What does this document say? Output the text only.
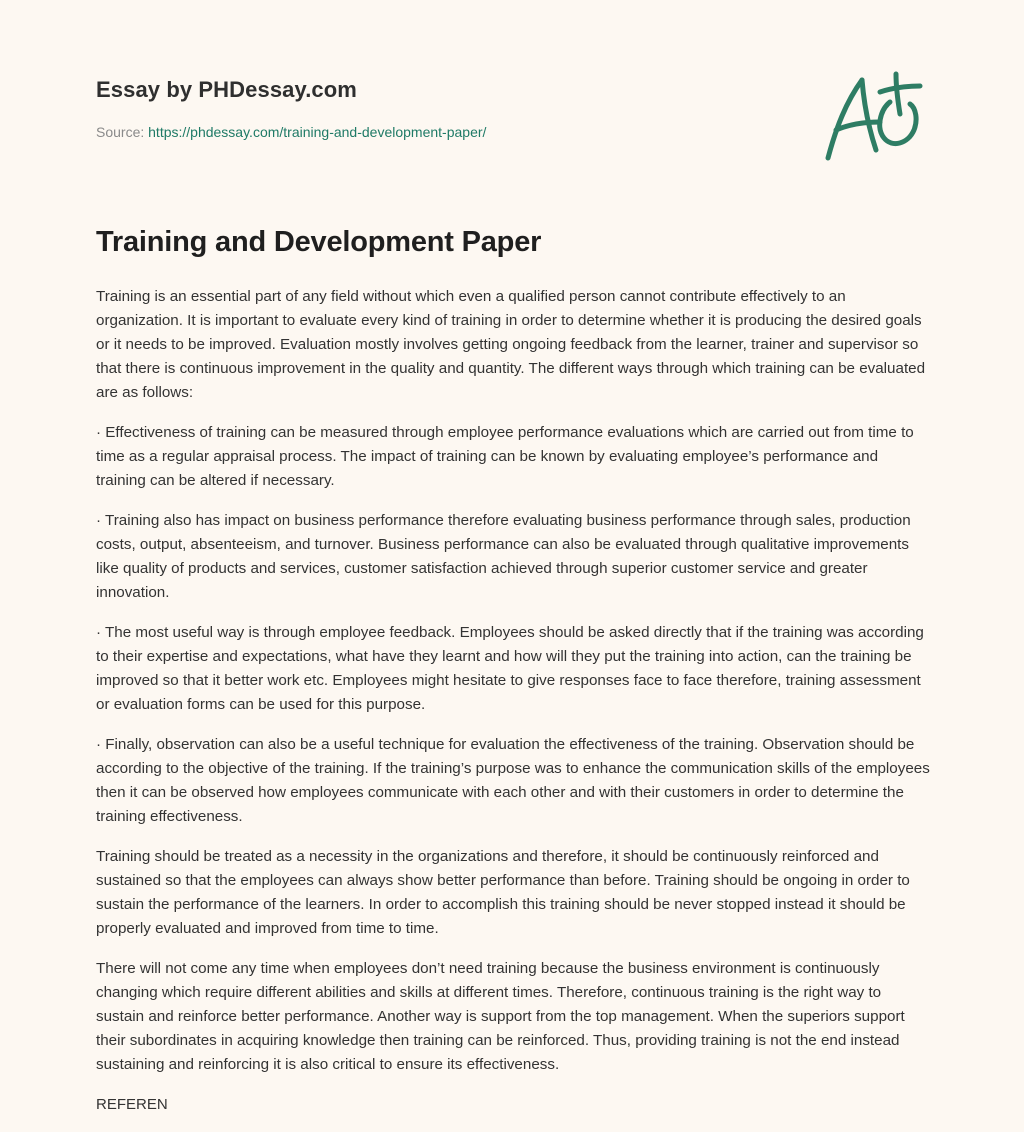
Essay by PHDessay.com
Source: https://phdessay.com/training-and-development-paper/
Training and Development Paper

Training is an essential part of any field without which even a qualified person cannot contribute effectively to an organization. It is important to evaluate every kind of training in order to determine whether it is producing the desired goals or it needs to be improved. Evaluation mostly involves getting ongoing feedback from the learner, trainer and supervisor so that there is continuous improvement in the quality and quantity. The different ways through which training can be evaluated are as follows:

· Effectiveness of training can be measured through employee performance evaluations which are carried out from time to time as a regular appraisal process. The impact of training can be known by evaluating employee’s performance and training can be altered if necessary.

· Training also has impact on business performance therefore evaluating business performance through sales, production costs, output, absenteeism, and turnover. Business performance can also be evaluated through qualitative improvements like quality of products and services, customer satisfaction achieved through superior customer service and greater innovation.

· The most useful way is through employee feedback. Employees should be asked directly that if the training was according to their expertise and expectations, what have they learnt and how will they put the training into action, can the training be improved so that it better work etc. Employees might hesitate to give responses face to face therefore, training assessment or evaluation forms can be used for this purpose.

· Finally, observation can also be a useful technique for evaluation the effectiveness of the training. Observation should be according to the objective of the training. If the training’s purpose was to enhance the communication skills of the employees then it can be observed how employees communicate with each other and with their customers in order to determine the training effectiveness.

Training should be treated as a necessity in the organizations and therefore, it should be continuously reinforced and sustained so that the employees can always show better performance than before. Training should be ongoing in order to sustain the performance of the learners. In order to accomplish this training should be never stopped instead it should be properly evaluated and improved from time to time.

There will not come any time when employees don’t need training because the business environment is continuously changing which require different abilities and skills at different times. Therefore, continuous training is the right way to sustain and reinforce better performance. Another way is support from the top management. When the superiors support their subordinates in acquiring knowledge then training can be reinforced. Thus, providing training is not the end instead sustaining and reinforcing it is also critical to ensure its effectiveness.

REFEREN
